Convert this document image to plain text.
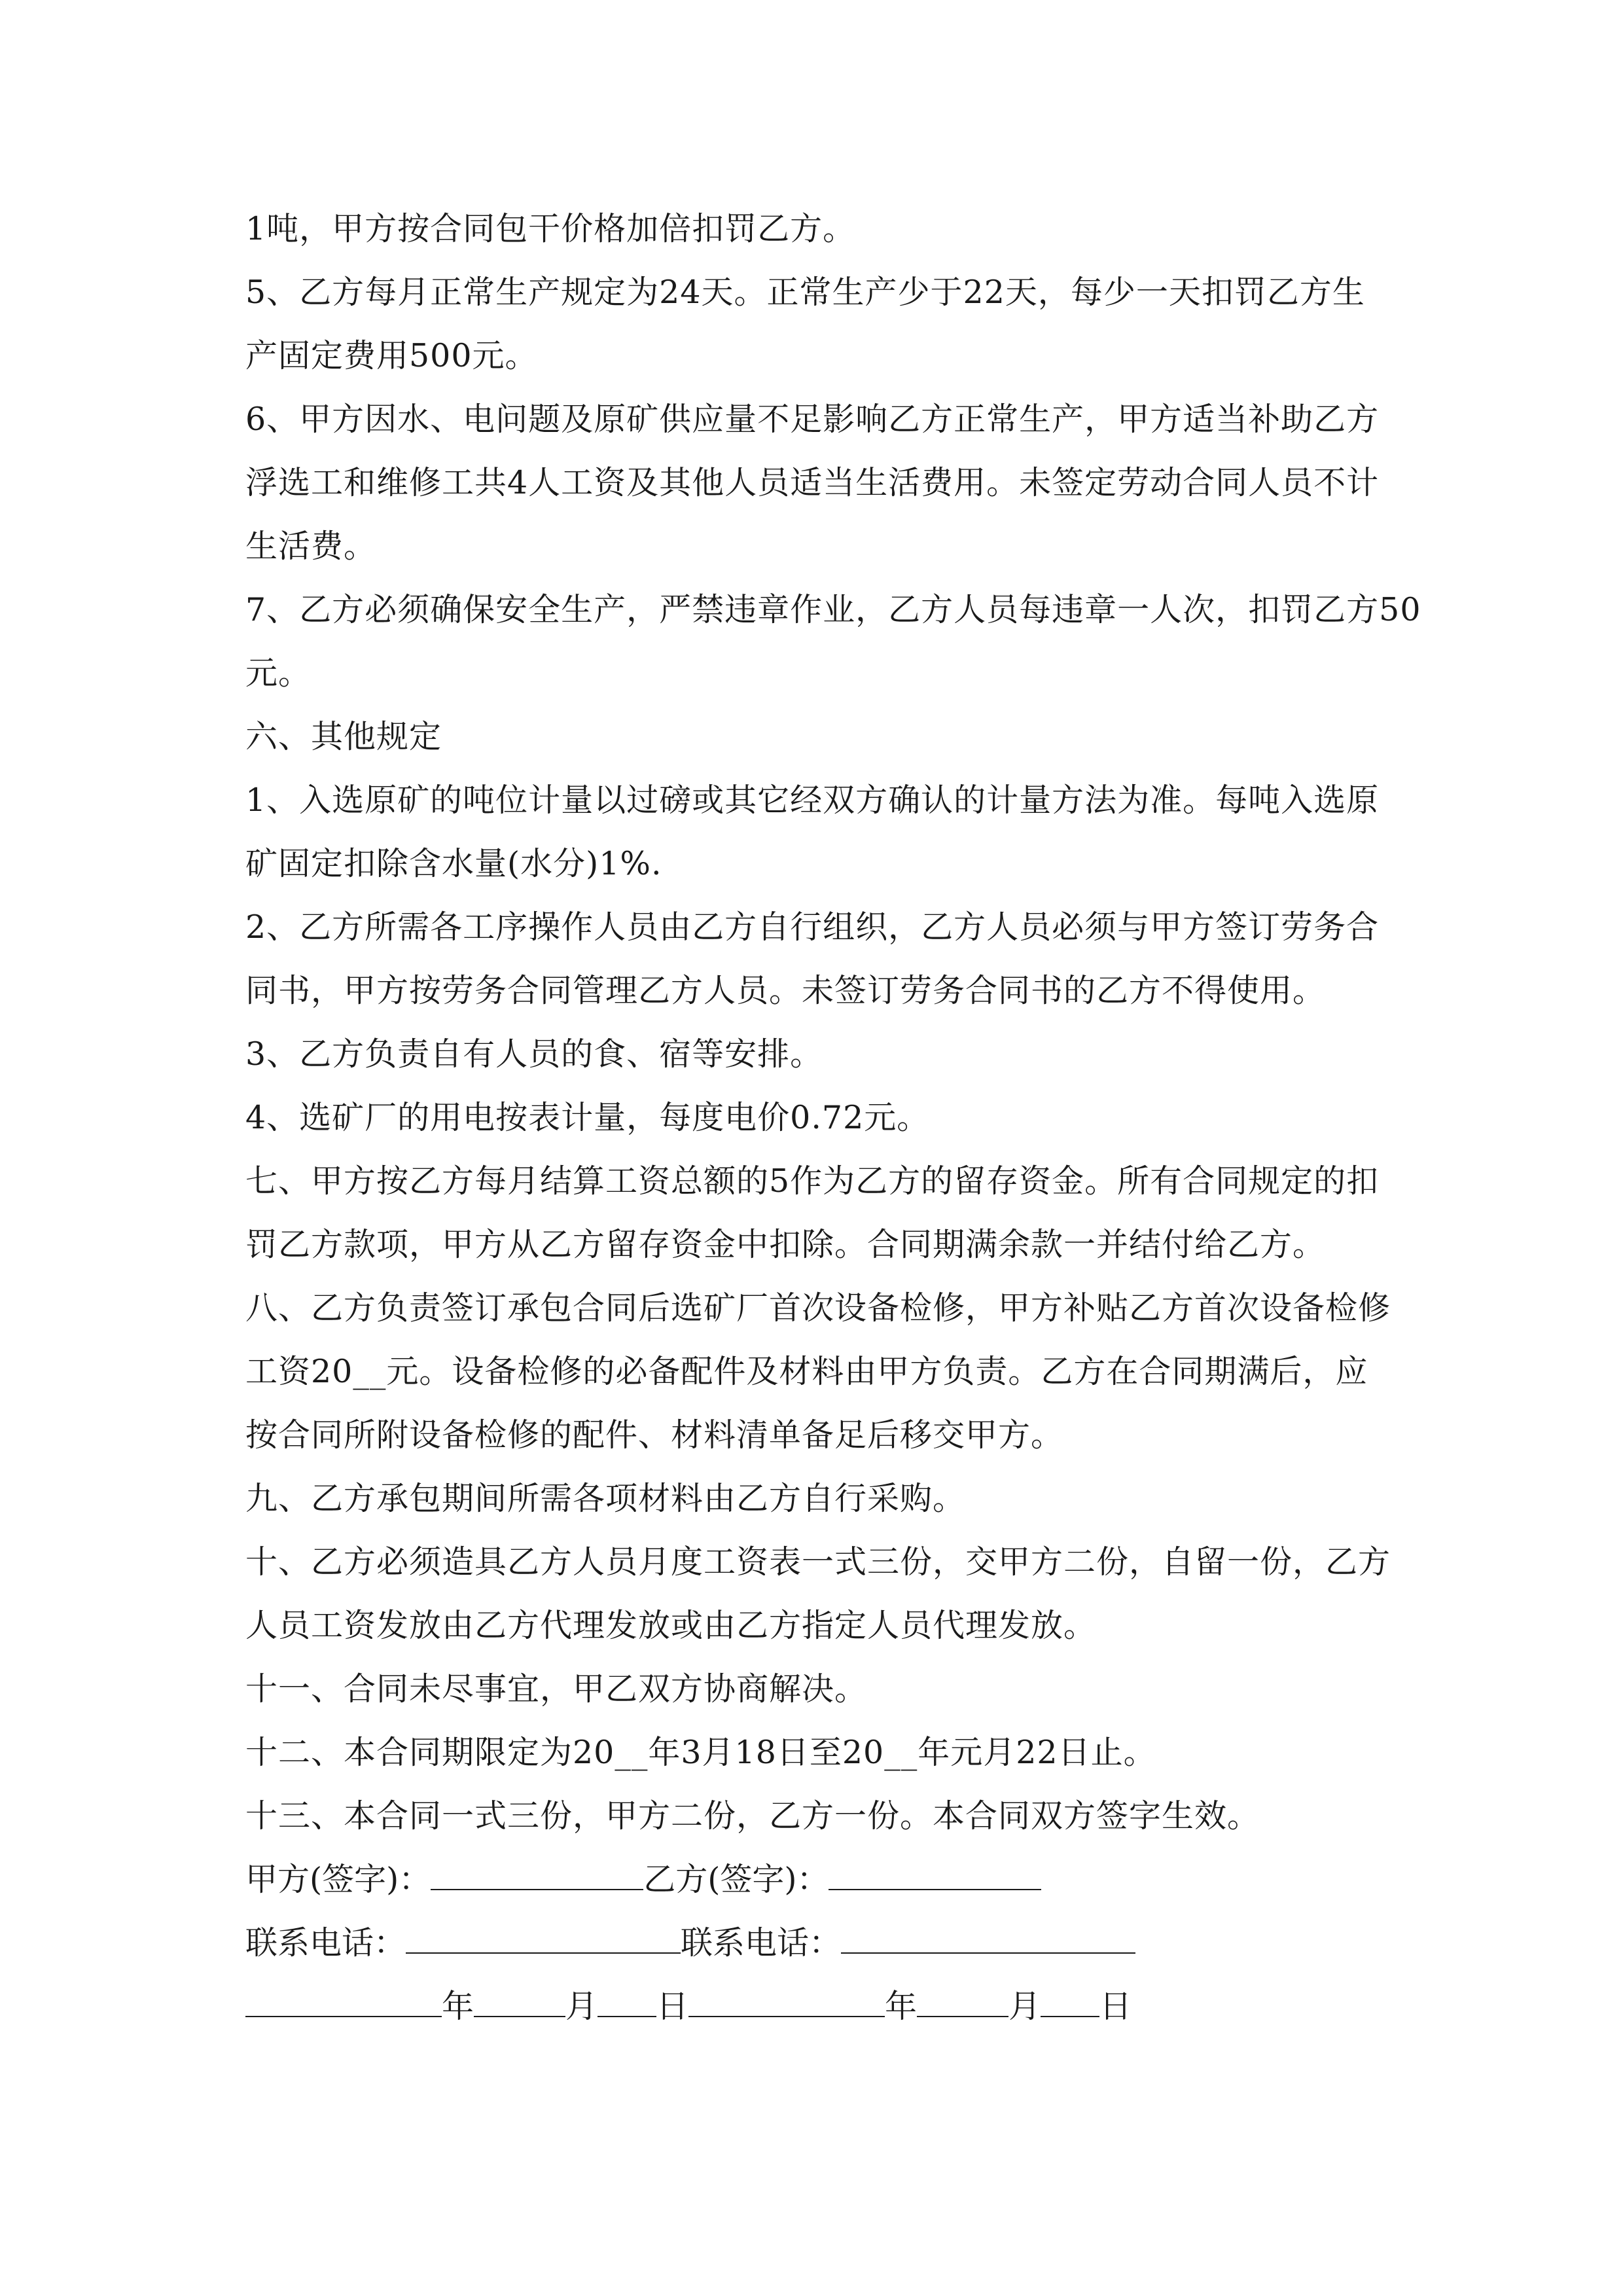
1吨，甲方按合同包干价格加倍扣罚乙方。
5、乙方每月正常生产规定为24天。正常生产少于22天，每少一天扣罚乙方生
产固定费用500元。
6、甲方因水、电问题及原矿供应量不足影响乙方正常生产，甲方适当补助乙方
浮选工和维修工共4人工资及其他人员适当生活费用。未签定劳动合同人员不计
生活费。
7、乙方必须确保安全生产，严禁违章作业，乙方人员每违章一人次，扣罚乙方50
元。
六、其他规定
1、入选原矿的吨位计量以过磅或其它经双方确认的计量方法为准。每吨入选原
矿固定扣除含水量(水分)1%.
2、乙方所需各工序操作人员由乙方自行组织，乙方人员必须与甲方签订劳务合
同书，甲方按劳务合同管理乙方人员。未签订劳务合同书的乙方不得使用。
3、乙方负责自有人员的食、宿等安排。
4、选矿厂的用电按表计量，每度电价0.72元。
七、甲方按乙方每月结算工资总额的5作为乙方的留存资金。所有合同规定的扣
罚乙方款项，甲方从乙方留存资金中扣除。合同期满余款一并结付给乙方。
八、乙方负责签订承包合同后选矿厂首次设备检修，甲方补贴乙方首次设备检修
工资20__元。设备检修的必备配件及材料由甲方负责。乙方在合同期满后，应
按合同所附设备检修的配件、材料清单备足后移交甲方。
九、乙方承包期间所需各项材料由乙方自行采购。
十、乙方必须造具乙方人员月度工资表一式三份，交甲方二份，自留一份，乙方
人员工资发放由乙方代理发放或由乙方指定人员代理发放。
十一、合同未尽事宜，甲乙双方协商解决。
十二、本合同期限定为20__年3月18日至20__年元月22日止。
十三、本合同一式三份，甲方二份，乙方一份。本合同双方签字生效。
甲方(签字)：	乙方(签字)：
联系电话：	联系电话：
年	月 日	年	月 日
